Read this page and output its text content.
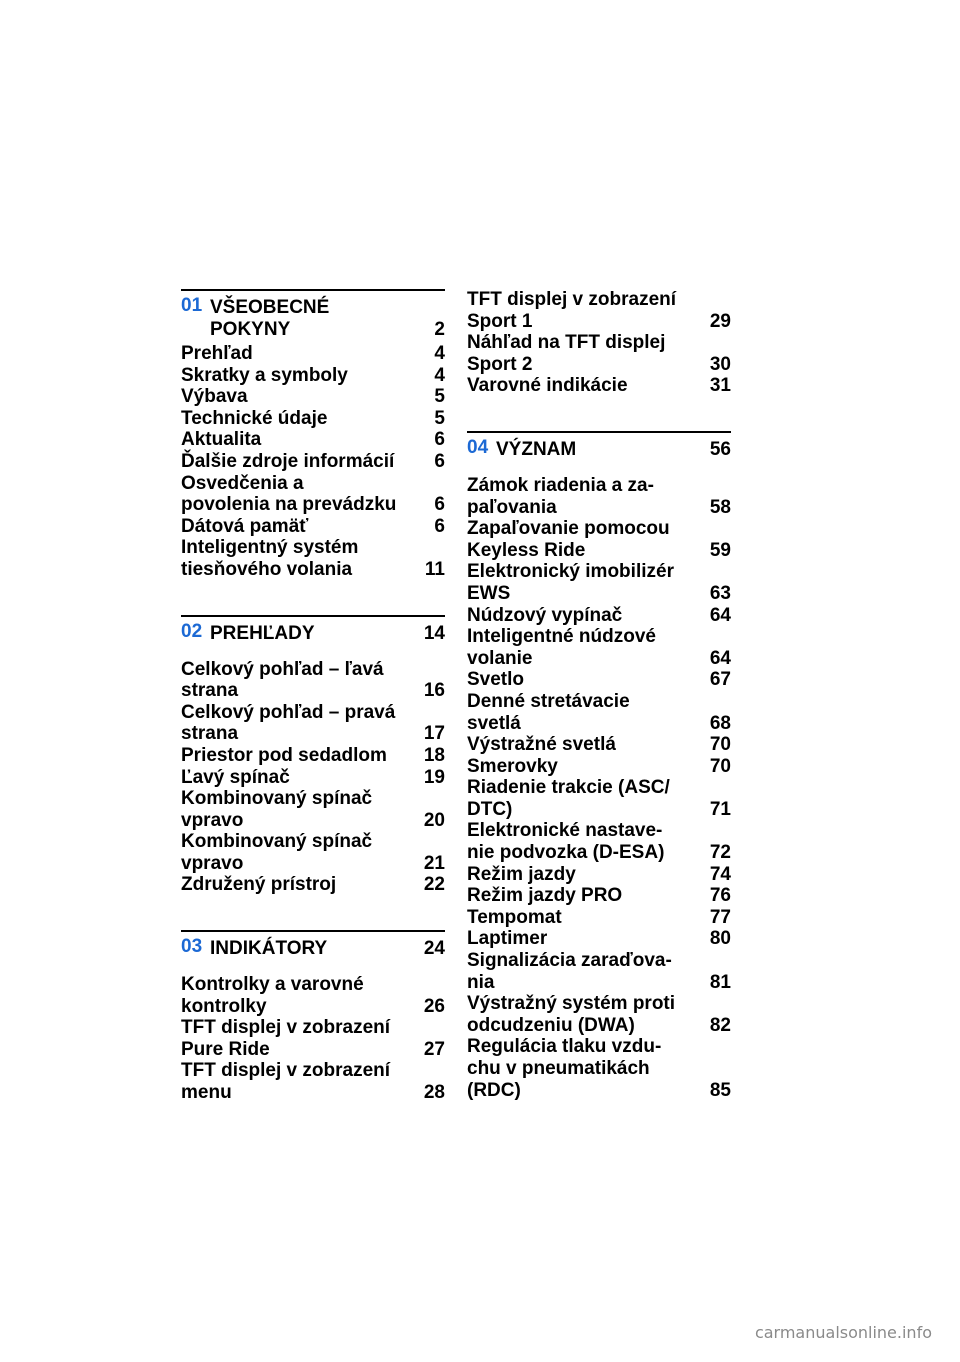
01 VŠEOBECNÉ POKYNY	2
Prehľad	4
Skratky a symboly	4
Výbava	5
Technické údaje	5
Aktualita	6
Ďalšie zdroje informácií 6
Osvedčenia a povolenia na prevádzku 6
Dátová pamäť	6
Inteligentný systém tiesňového volania	11
02 PREHĽADY	14
Celkový pohľad – ľavá strana	16
Celkový pohľad – pravá strana	17
Priestor pod sedadlom 18
Ľavý spínač	19
Kombinovaný spínač vpravo	20
Kombinovaný spínač vpravo	21
Združený prístroj	22
03 INDIKÁTORY	24
Kontrolky a varovné kontrolky	26
TFT displej v zobrazení Pure Ride	27
TFT displej v zobrazení menu	28
TFT displej v zobrazení Sport 1	29
Náhľad na TFT displej Sport 2	30
Varovné indikácie	31
04 VÝZNAM	56
Zámok riadenia a za- paľovania	58
Zapaľovanie pomocou Keyless Ride	59
Elektronický imobilizér EWS	63
Núdzový vypínač	64
Inteligentné núdzové volanie	64
Svetlo	67
Denné stretávacie svetlá	68
Výstražné svetlá	70
Smerovky	70
Riadenie trakcie (ASC/ DTC)	71
Elektronické nastave- nie podvozka (D-ESA) 72
Režim jazdy	74
Režim jazdy PRO	76
Tempomat	77
Laptimer	80
Signalizácia zaraďova- nia	81
Výstražný systém proti odcudzeniu (DWA)	82
Regulácia tlaku vzdu- chu v pneumatikách (RDC)	85
carmanualsonline.info
